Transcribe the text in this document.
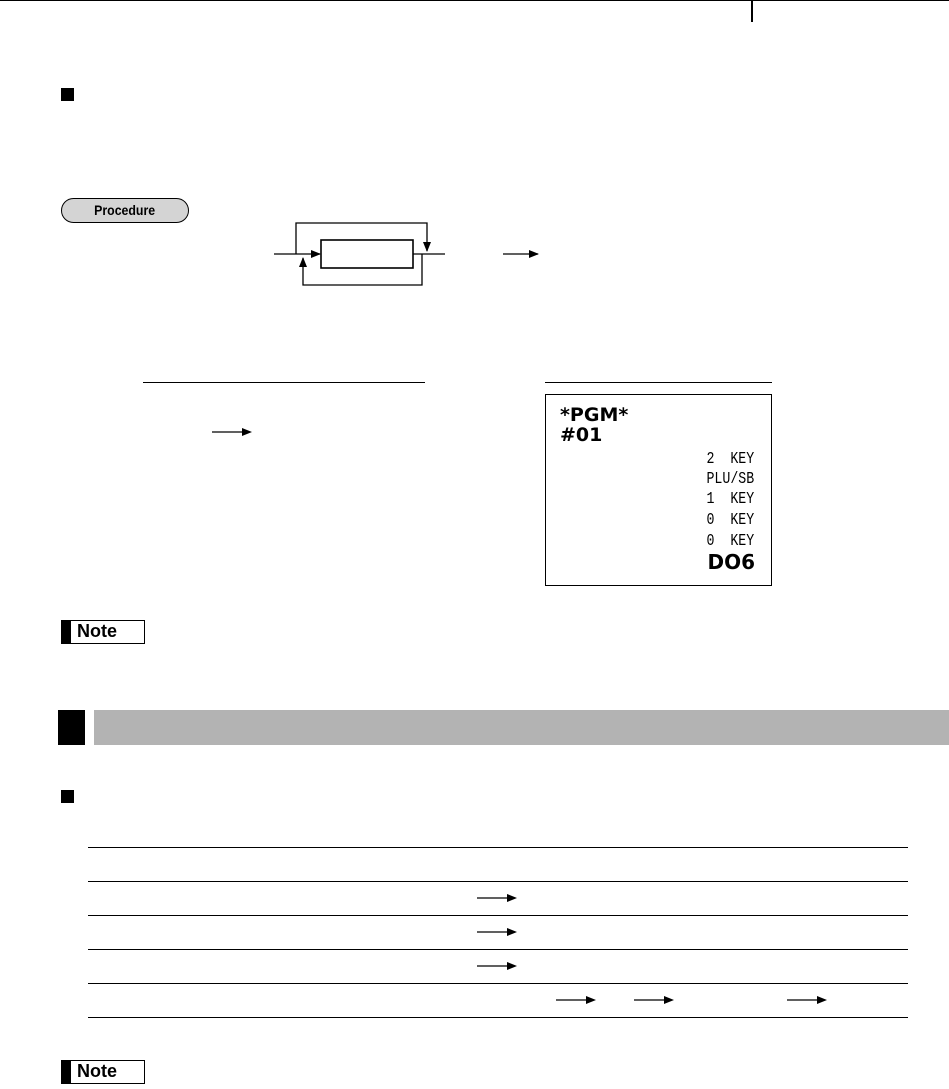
Procedure
*PGM*
#01
2  KEY
PLU/SB
1  KEY
0  KEY
0  KEY
DO6
Note
Note
